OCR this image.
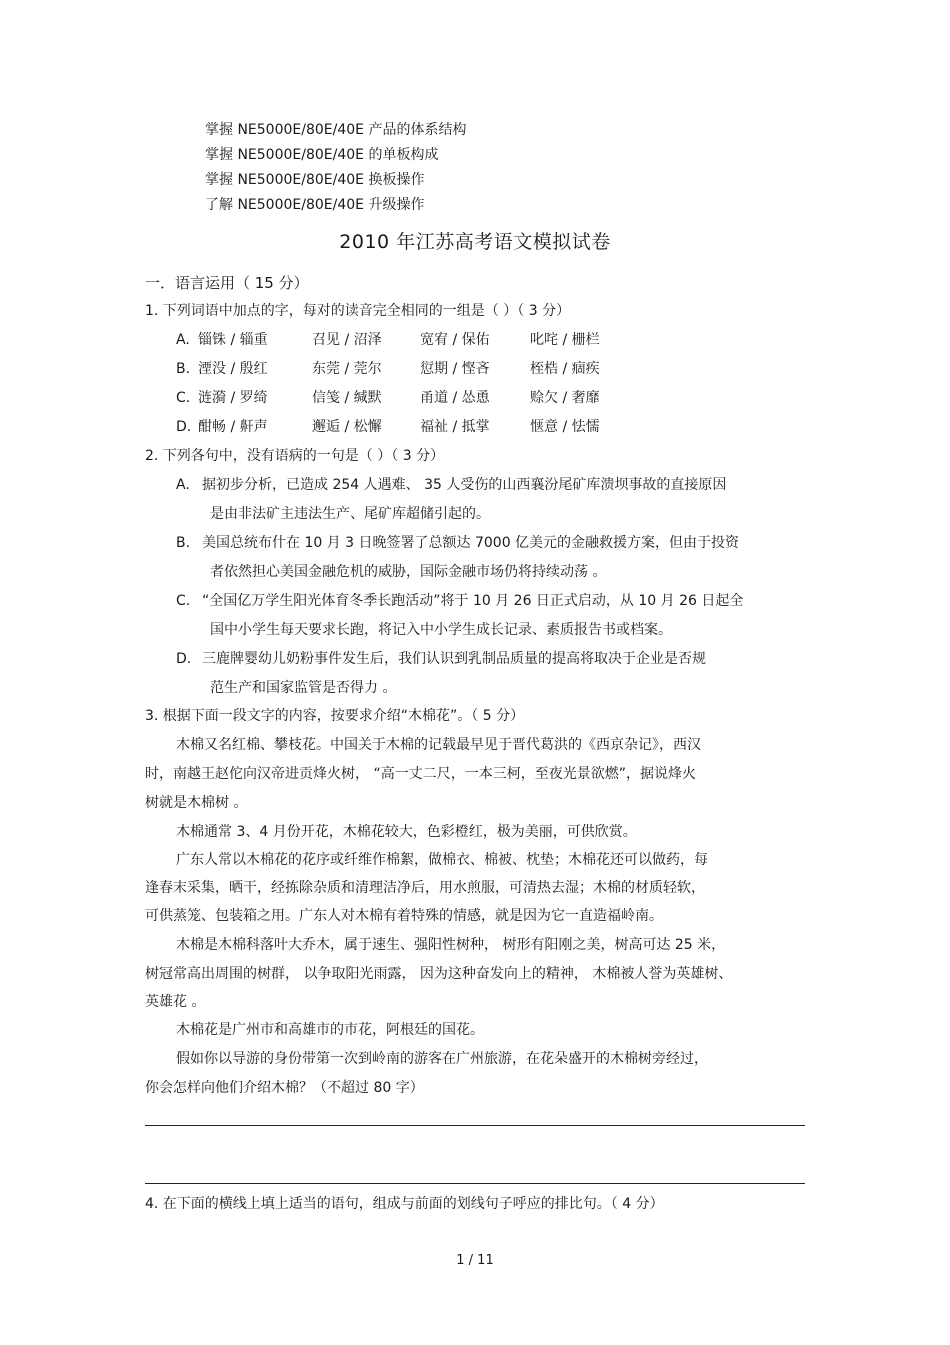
掌握 NE5000E/80E/40E 产品的体系结构
掌握 NE5000E/80E/40E 的单板构成
掌握 NE5000E/80E/40E 换板操作
了解 NE5000E/80E/40E 升级操作
2010 年江苏高考语文模拟试卷
一．语言运用（ 15 分）
1. 下列词语中加点的字，每对的读音完全相同的一组是（ ）（ 3 分）
A. 锱铢 / 辎重	召见 / 沼泽	宽宥 / 保佑	叱咤 / 栅栏
B. 湮没 / 殷红	东莞 / 莞尔	愆期 / 悭吝	桎梏 / 痼疾
C. 涟漪 / 罗绮	信笺 / 缄默	甬道 / 怂恿	赊欠 / 奢靡
D. 酣畅 / 鼾声	邂逅 / 松懈	福祉 / 抵掌	惬意 / 怯懦
2. 下列各句中，没有语病的一句是（ ）（ 3 分）
A. 据初步分析，已造成 254 人遇难、 35 人受伤的山西襄汾尾矿库溃坝事故的直接原因
是由非法矿主违法生产、尾矿库超储引起的。
B. 美国总统布什在 10 月 3 日晚签署了总额达 7000 亿美元的金融救援方案，但由于投资
者依然担心美国金融危机的威胁，国际金融市场仍将持续动荡 。
C. “全国亿万学生阳光体育冬季长跑活动”将于 10 月 26 日正式启动，从 10 月 26 日起全
国中小学生每天要求长跑，将记入中小学生成长记录、素质报告书或档案。
D. 三鹿牌婴幼儿奶粉事件发生后，我们认识到乳制品质量的提高将取决于企业是否规
范生产和国家监管是否得力 。
3. 根据下面一段文字的内容，按要求介绍“木棉花”。（ 5 分）
木棉又名红棉、攀枝花。中国关于木棉的记载最早见于晋代葛洪的《西京杂记》，西汉
时，南越王赵佗向汉帝进贡烽火树， “高一丈二尺，一本三柯，至夜光景欲燃”，据说烽火
树就是木棉树 。
木棉通常 3、4 月份开花，木棉花较大，色彩橙红，极为美丽，可供欣赏。
广东人常以木棉花的花序或纤维作棉絮，做棉衣、棉被、枕垫；木棉花还可以做药，每
逢春末采集，晒干，经拣除杂质和清理洁净后，用水煎服，可清热去湿；木棉的材质轻软，
可供蒸笼、包装箱之用。广东人对木棉有着特殊的情感，就是因为它一直造福岭南。
木棉是木棉科落叶大乔木，属于速生、强阳性树种， 树形有阳刚之美，树高可达 25 米，
树冠常高出周围的树群， 以争取阳光雨露， 因为这种奋发向上的精神， 木棉被人誉为英雄树、
英雄花 。
木棉花是广州市和高雄市的市花，阿根廷的国花。
假如你以导游的身份带第一次到岭南的游客在广州旅游，在花朵盛开的木棉树旁经过，
你会怎样向他们介绍木棉？（不超过 80 字）
4. 在下面的横线上填上适当的语句，组成与前面的划线句子呼应的排比句。（ 4 分）
1 / 11
